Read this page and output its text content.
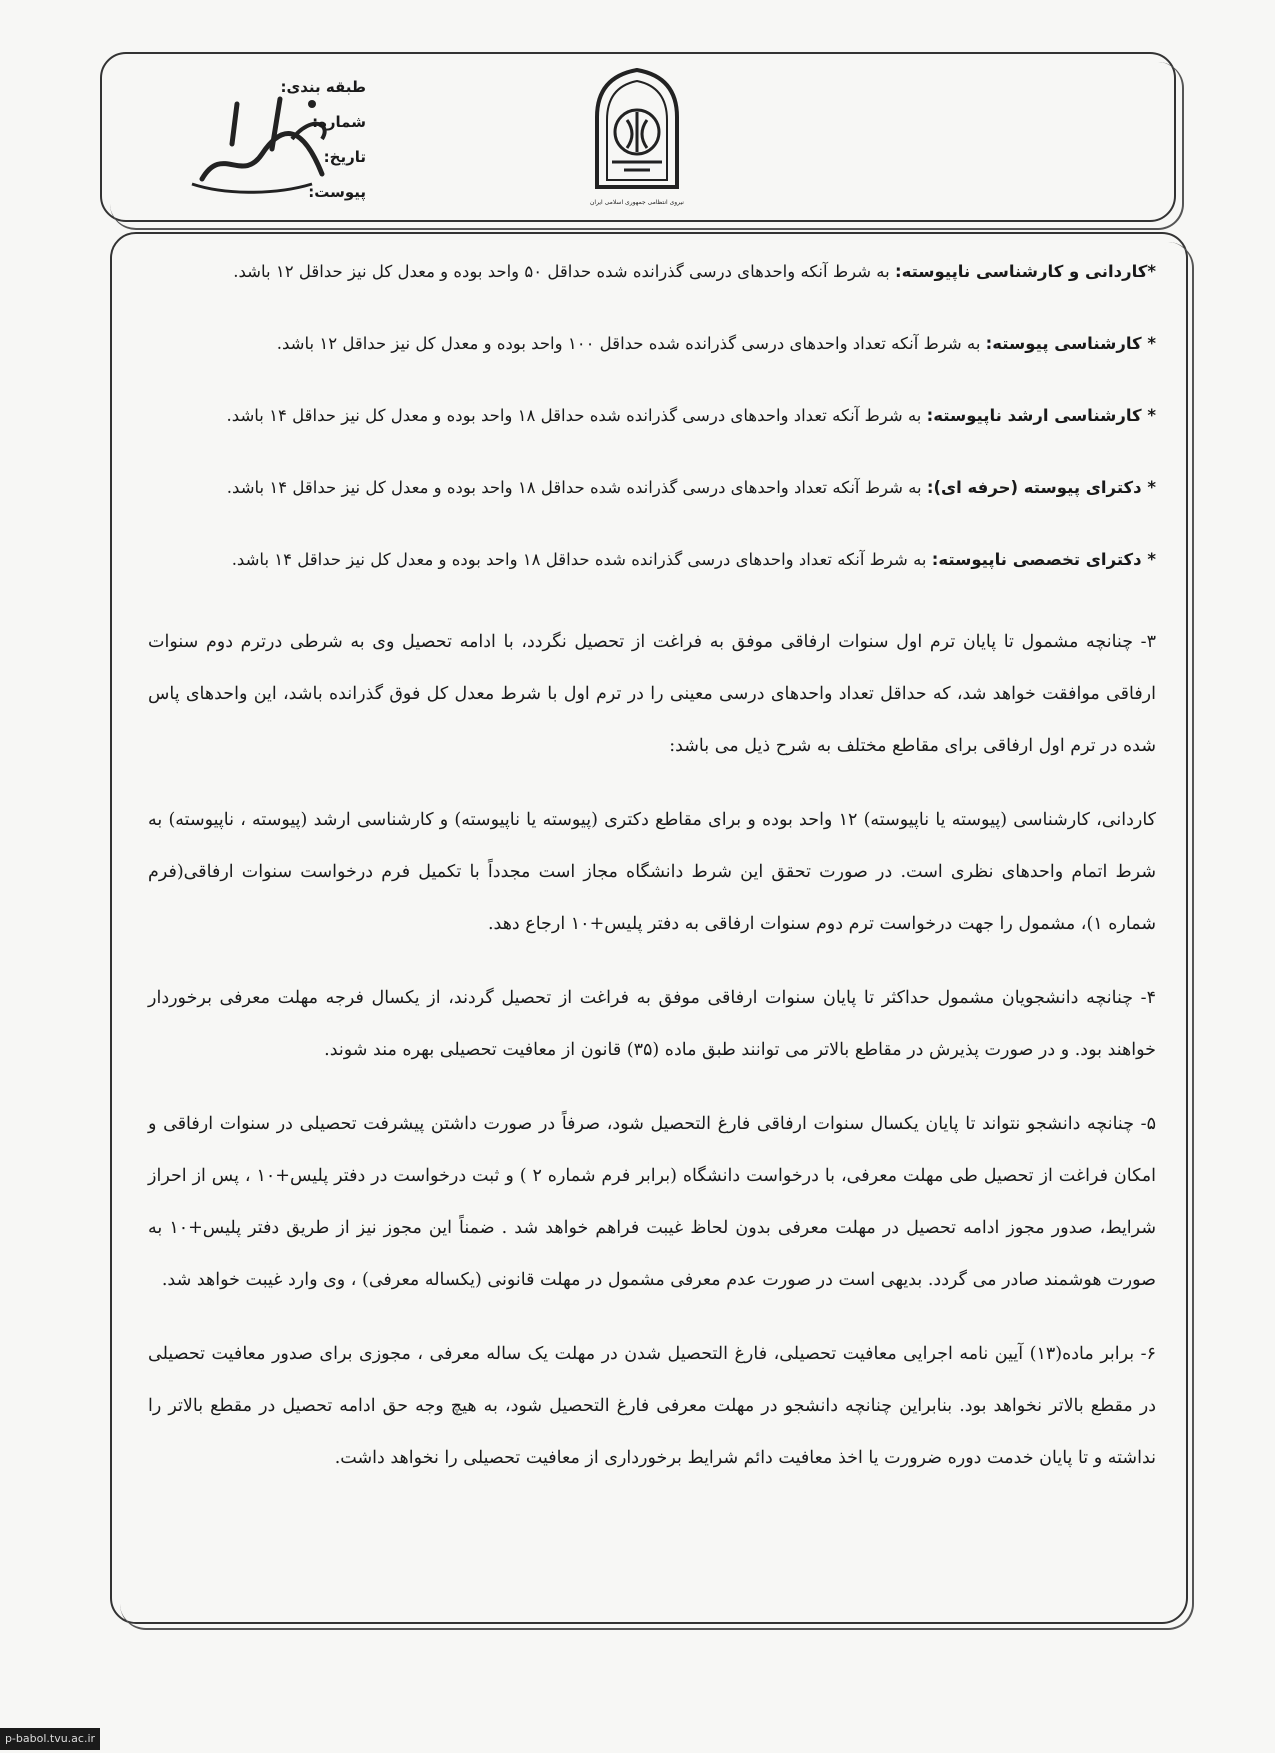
نیروی انتظامی جمهوری اسلامی ایران
طبقه بندی:
شماره:
تاریخ:
پیوست:

*کاردانی و کارشناسی ناپیوسته: به شرط آنکه واحدهای درسی گذرانده شده حداقل ۵۰ واحد بوده و معدل کل نیز حداقل ۱۲ باشد.

* کارشناسی پیوسته: به شرط آنکه تعداد واحدهای درسی گذرانده شده حداقل ۱۰۰ واحد بوده و معدل کل نیز حداقل ۱۲ باشد.

* کارشناسی ارشد ناپیوسته: به شرط آنکه تعداد واحدهای درسی گذرانده شده حداقل ۱۸ واحد بوده و معدل کل نیز حداقل ۱۴ باشد.

* دکترای پیوسته (حرفه ای): به شرط آنکه تعداد واحدهای درسی گذرانده شده حداقل ۱۸ واحد بوده و معدل کل نیز حداقل ۱۴ باشد.

* دکترای تخصصی ناپیوسته: به شرط آنکه تعداد واحدهای درسی گذرانده شده حداقل ۱۸ واحد بوده و معدل کل نیز حداقل ۱۴ باشد.

۳- چنانچه مشمول تا پایان ترم اول سنوات ارفاقی موفق به فراغت از تحصیل نگردد، با ادامه تحصیل وی به شرطی درترم دوم سنوات ارفاقی موافقت خواهد شد، که حداقل تعداد واحدهای درسی معینی را در ترم اول با شرط معدل کل فوق گذرانده باشد، این واحدهای پاس شده در ترم اول ارفاقی برای مقاطع مختلف به شرح ذیل می باشد:

کاردانی، کارشناسی (پیوسته یا ناپیوسته) ۱۲ واحد بوده و برای مقاطع دکتری (پیوسته یا ناپیوسته) و کارشناسی ارشد (پیوسته ، ناپیوسته) به شرط اتمام واحدهای نظری است. در صورت تحقق این شرط دانشگاه مجاز است مجدداً با تکمیل فرم درخواست سنوات ارفاقی(فرم شماره ۱)، مشمول را جهت درخواست ترم دوم سنوات ارفاقی به دفتر پلیس+۱۰ ارجاع دهد.

۴- چنانچه دانشجویان مشمول حداکثر تا پایان سنوات ارفاقی موفق به فراغت از تحصیل گردند، از یکسال فرجه مهلت معرفی برخوردار خواهند بود. و در صورت پذیرش در مقاطع بالاتر می توانند طبق ماده (۳۵) قانون از معافیت تحصیلی بهره مند شوند.

۵- چنانچه دانشجو نتواند تا پایان یکسال سنوات ارفاقی فارغ التحصیل شود، صرفاً در صورت داشتن پیشرفت تحصیلی در سنوات ارفاقی و امکان فراغت از تحصیل طی مهلت معرفی، با درخواست دانشگاه (برابر فرم شماره ۲ ) و ثبت درخواست در دفتر پلیس+۱۰ ، پس از احراز شرایط، صدور مجوز ادامه تحصیل در مهلت معرفی بدون لحاظ غیبت فراهم خواهد شد . ضمناً این مجوز نیز از طریق دفتر پلیس+۱۰ به صورت هوشمند صادر می گردد. بدیهی است در صورت عدم معرفی مشمول در مهلت قانونی (یکساله معرفی) ، وی وارد غیبت خواهد شد.

۶- برابر ماده(۱۳) آیین نامه اجرایی معافیت تحصیلی، فارغ التحصیل شدن در مهلت یک ساله معرفی ، مجوزی برای صدور معافیت تحصیلی در مقطع بالاتر نخواهد بود. بنابراین چنانچه دانشجو در مهلت معرفی فارغ التحصیل شود، به هیچ وجه حق ادامه تحصیل در مقطع بالاتر را نداشته و تا پایان خدمت دوره ضرورت یا اخذ معافیت دائم شرایط برخورداری از معافیت تحصیلی را نخواهد داشت.

p-babol.tvu.ac.ir
